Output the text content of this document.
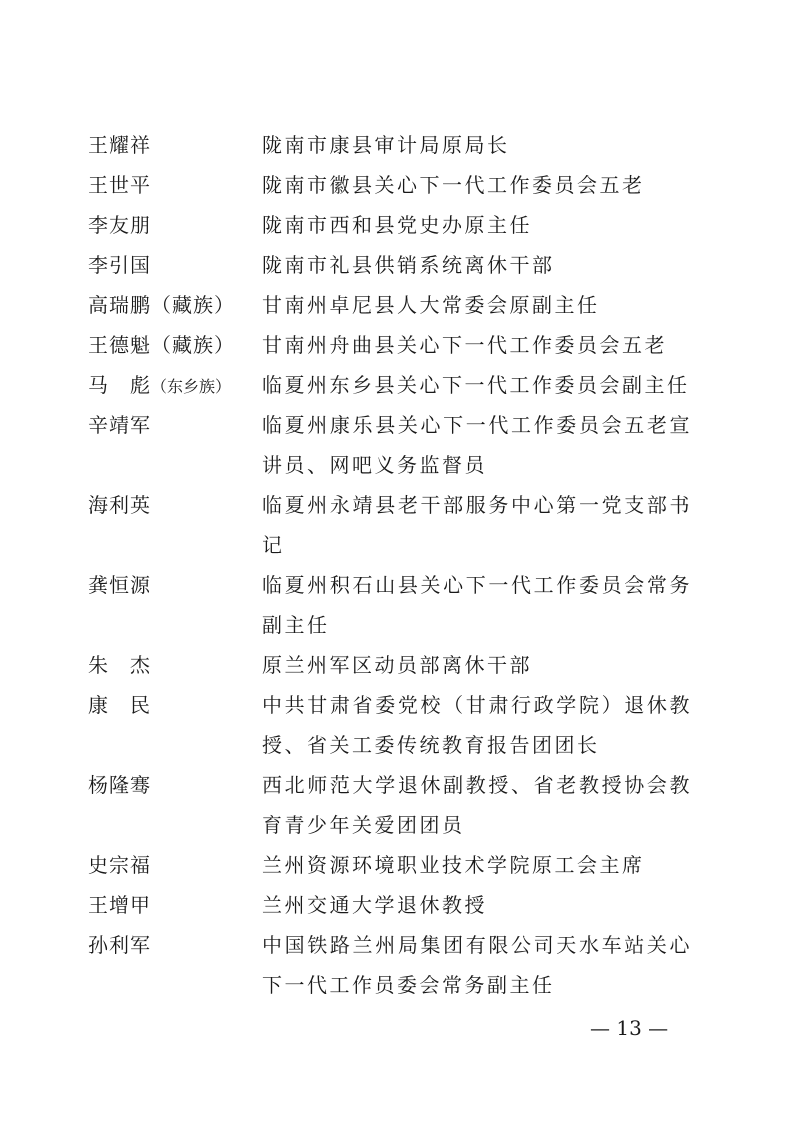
王耀祥	陇南市康县审计局原局长
王世平	陇南市徽县关心下一代工作委员会五老
李友朋	陇南市西和县党史办原主任
李引国	陇南市礼县供销系统离休干部
高瑞鹏（藏族） 甘南州卓尼县人大常委会原副主任
王德魁（藏族） 甘南州舟曲县关心下一代工作委员会五老
马　彪（东乡族） 临夏州东乡县关心下一代工作委员会副主任
辛靖军	临夏州康乐县关心下一代工作委员会五老宣讲员、网吧义务监督员
海利英	临夏州永靖县老干部服务中心第一党支部书记
龚恒源	临夏州积石山县关心下一代工作委员会常务副主任
朱　杰	原兰州军区动员部离休干部
康　民	中共甘肃省委党校（甘肃行政学院）退休教授、省关工委传统教育报告团团长
杨隆骞	西北师范大学退休副教授、省老教授协会教育青少年关爱团团员
史宗福	兰州资源环境职业技术学院原工会主席
王增甲	兰州交通大学退休教授
孙利军	中国铁路兰州局集团有限公司天水车站关心下一代工作员委会常务副主任
— 13 —
